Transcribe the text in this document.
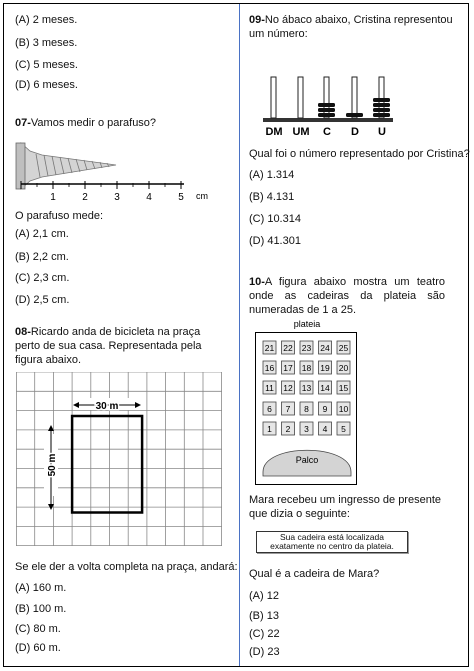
(A) 2 meses.
(B) 3 meses.
(C) 5 meses.
(D) 6 meses.
07-Vamos medir o parafuso?
1	2	3	4	5 cm
O parafuso mede:
(A) 2,1 cm.
(B) 2,2 cm.
(C) 2,3 cm.
(D) 2,5 cm.
08-Ricardo anda de bicicleta na praça perto de sua casa. Representada pela figura abaixo.
30 m
50 m
Se ele der a volta completa na praça, andará:
(A) 160 m.
(B) 100 m.
(C) 80 m.
(D) 60 m.
09-No ábaco abaixo, Cristina representou um número:
DM UM C D U
Qual foi o número representado por Cristina?
(A) 1.314
(B) 4.131
(C) 10.314
(D) 41.301
10-A figura abaixo mostra um teatro onde as cadeiras da plateia são numeradas de 1 a 25.
plateia
21 22 23 24 25
16 17 18 19 20
11 12 13 14 15
6 7 8 9 10
1 2 3 4 5
Palco
Mara recebeu um ingresso de presente que dizia o seguinte:
Sua cadeira está localizada
exatamente no centro da plateia.
Qual é a cadeira de Mara?
(A) 12
(B) 13
(C) 22
(D) 23
